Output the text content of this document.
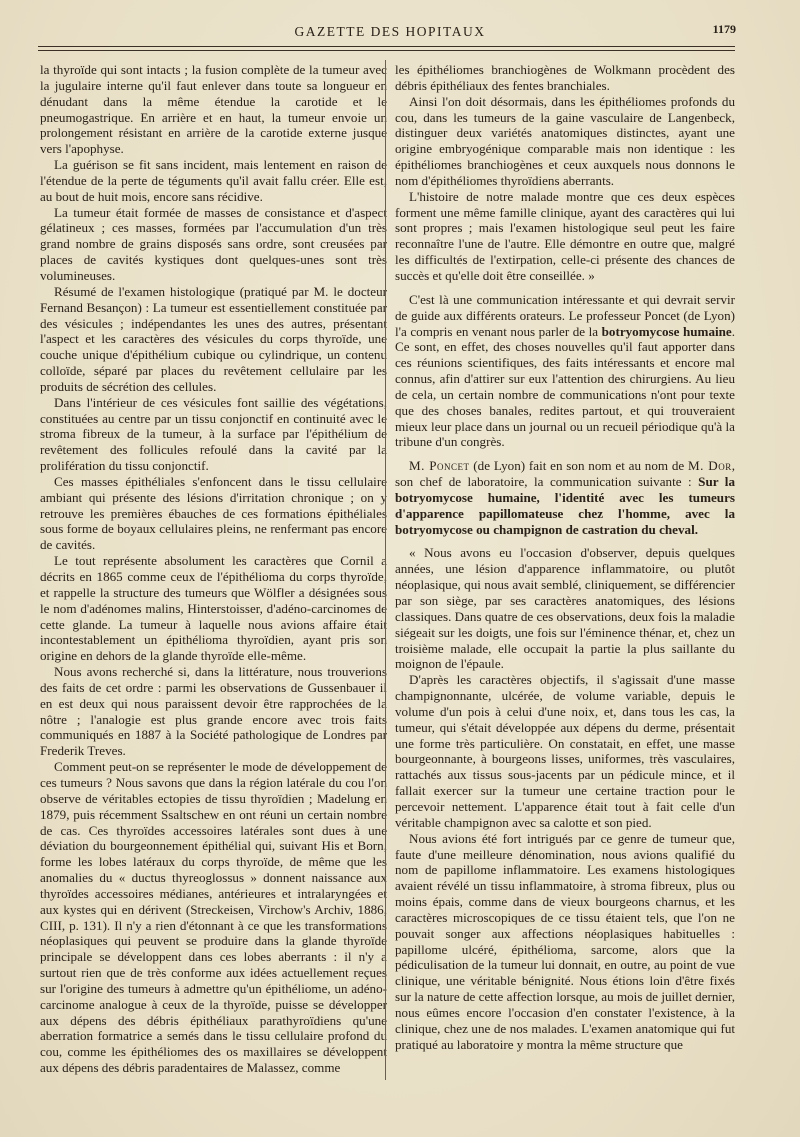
GAZETTE DES HOPITAUX	1179

la thyroïde qui sont intacts ; la fusion complète de la tumeur avec la jugulaire interne qu'il faut enlever dans toute sa longueur en dénudant dans la même étendue la carotide et le pneumogastrique. En arrière et en haut, la tumeur envoie un prolongement résistant en arrière de la carotide externe jusque vers l'apophyse.

La guérison se fit sans incident, mais lentement en raison de l'étendue de la perte de téguments qu'il avait fallu créer. Elle est, au bout de huit mois, encore sans récidive.

La tumeur était formée de masses de consistance et d'aspect gélatineux ; ces masses, formées par l'accumulation d'un très grand nombre de grains disposés sans ordre, sont creusées par places de cavités kystiques dont quelques-unes sont très volumineuses.

Résumé de l'examen histologique (pratiqué par M. le docteur Fernand Besançon) : La tumeur est essentiellement constituée par des vésicules ; indépendantes les unes des autres, présentant l'aspect et les caractères des vésicules du corps thyroïde, une couche unique d'épithélium cubique ou cylindrique, un contenu colloïde, séparé par places du revêtement cellulaire par les produits de sécrétion des cellules.

Dans l'intérieur de ces vésicules font saillie des végétations, constituées au centre par un tissu conjonctif en continuité avec le stroma fibreux de la tumeur, à la surface par l'épithélium de revêtement des follicules refoulé dans la cavité par la prolifération du tissu conjonctif.

Ces masses épithéliales s'enfoncent dans le tissu cellulaire ambiant qui présente des lésions d'irritation chronique ; on y retrouve les premières ébauches de ces formations épithéliales sous forme de boyaux cellulaires pleins, ne renfermant pas encore de cavités.

Le tout représente absolument les caractères que Cornil a décrits en 1865 comme ceux de l'épithélioma du corps thyroïde, et rappelle la structure des tumeurs que Wölfler a désignées sous le nom d'adénomes malins, Hinterstoisser, d'adéno-carcinomes de cette glande. La tumeur à laquelle nous avions affaire était incontestablement un épithélioma thyroïdien, ayant pris son origine en dehors de la glande thyroïde elle-même.

Nous avons recherché si, dans la littérature, nous trouverions des faits de cet ordre : parmi les observations de Gussenbauer il en est deux qui nous paraissent devoir être rapprochées de la nôtre ; l'analogie est plus grande encore avec trois faits communiqués en 1887 à la Société pathologique de Londres par Frederik Treves.

Comment peut-on se représenter le mode de développement de ces tumeurs ? Nous savons que dans la région latérale du cou l'on observe de véritables ectopies de tissu thyroïdien ; Madelung en 1879, puis récemment Ssaltschew en ont réuni un certain nombre de cas. Ces thyroïdes accessoires latérales sont dues à une déviation du bourgeonnement épithélial qui, suivant His et Born, forme les lobes latéraux du corps thyroïde, de même que les anomalies du « ductus thyreoglossus » donnent naissance aux thyroïdes accessoires médianes, antérieures et intralaryngées et aux kystes qui en dérivent (Streckeisen, Virchow's Archiv, 1886, CIII, p. 131). Il n'y a rien d'étonnant à ce que les transformations néoplasiques qui peuvent se produire dans la glande thyroïde principale se développent dans ces lobes aberrants : il n'y a surtout rien que de très conforme aux idées actuellement reçues sur l'origine des tumeurs à admettre qu'un épithéliome, un adéno-carcinome analogue à ceux de la thyroïde, puisse se développer aux dépens des débris épithéliaux parathyroïdiens qu'une aberration formatrice a semés dans le tissu cellulaire profond du cou, comme les épithéliomes des os maxillaires se développent aux dépens des débris paradentaires de Malassez, comme

les épithéliomes branchiogènes de Wolkmann procèdent des débris épithéliaux des fentes branchiales.

Ainsi l'on doit désormais, dans les épithéliomes profonds du cou, dans les tumeurs de la gaine vasculaire de Langenbeck, distinguer deux variétés anatomiques distinctes, ayant une origine embryogénique comparable mais non identique : les épithéliomes branchiogènes et ceux auxquels nous donnons le nom d'épithéliomes thyroïdiens aberrants.

L'histoire de notre malade montre que ces deux espèces forment une même famille clinique, ayant des caractères qui lui sont propres ; mais l'examen histologique seul peut les faire reconnaître l'une de l'autre. Elle démontre en outre que, malgré les difficultés de l'extirpation, celle-ci présente des chances de succès et qu'elle doit être conseillée. »

C'est là une communication intéressante et qui devrait servir de guide aux différents orateurs. Le professeur Poncet (de Lyon) l'a compris en venant nous parler de la botryomycose humaine. Ce sont, en effet, des choses nouvelles qu'il faut apporter dans ces réunions scientifiques, des faits intéressants et encore mal connus, afin d'attirer sur eux l'attention des chirurgiens. Au lieu de cela, un certain nombre de communications n'ont pour texte que des choses banales, redites partout, et qui trouveraient mieux leur place dans un journal ou un recueil périodique qu'à la tribune d'un congrès.

M. Poncet (de Lyon) fait en son nom et au nom de M. Dor, son chef de laboratoire, la communication suivante : Sur la botryomycose humaine, l'identité avec les tumeurs d'apparence papillomateuse chez l'homme, avec la botryomycose ou champignon de castration du cheval.

« Nous avons eu l'occasion d'observer, depuis quelques années, une lésion d'apparence inflammatoire, ou plutôt néoplasique, qui nous avait semblé, cliniquement, se différencier par son siège, par ses caractères anatomiques, des lésions classiques. Dans quatre de ces observations, deux fois la maladie siégeait sur les doigts, une fois sur l'éminence thénar, et, chez un troisième malade, elle occupait la partie la plus saillante du moignon de l'épaule.

D'après les caractères objectifs, il s'agissait d'une masse champignonnante, ulcérée, de volume variable, depuis le volume d'un pois à celui d'une noix, et, dans tous les cas, la tumeur, qui s'était développée aux dépens du derme, présentait une forme très particulière. On constatait, en effet, une masse bourgeonnante, à bourgeons lisses, uniformes, très vasculaires, rattachés aux tissus sous-jacents par un pédicule mince, et il fallait exercer sur la tumeur une certaine traction pour le percevoir nettement. L'apparence était tout à fait celle d'un véritable champignon avec sa calotte et son pied.

Nous avions été fort intrigués par ce genre de tumeur que, faute d'une meilleure dénomination, nous avions qualifié du nom de papillome inflammatoire. Les examens histologiques avaient révélé un tissu inflammatoire, à stroma fibreux, plus ou moins épais, comme dans de vieux bourgeons charnus, et les caractères microscopiques de ce tissu étaient tels, que l'on ne pouvait songer aux affections néoplasiques habituelles : papillome ulcéré, épithélioma, sarcome, alors que la pédiculisation de la tumeur lui donnait, en outre, au point de vue clinique, une véritable bénignité. Nous étions loin d'être fixés sur la nature de cette affection lorsque, au mois de juillet dernier, nous eûmes encore l'occasion d'en constater l'existence, à la clinique, chez une de nos malades. L'examen anatomique qui fut pratiqué au laboratoire y montra la même structure que
